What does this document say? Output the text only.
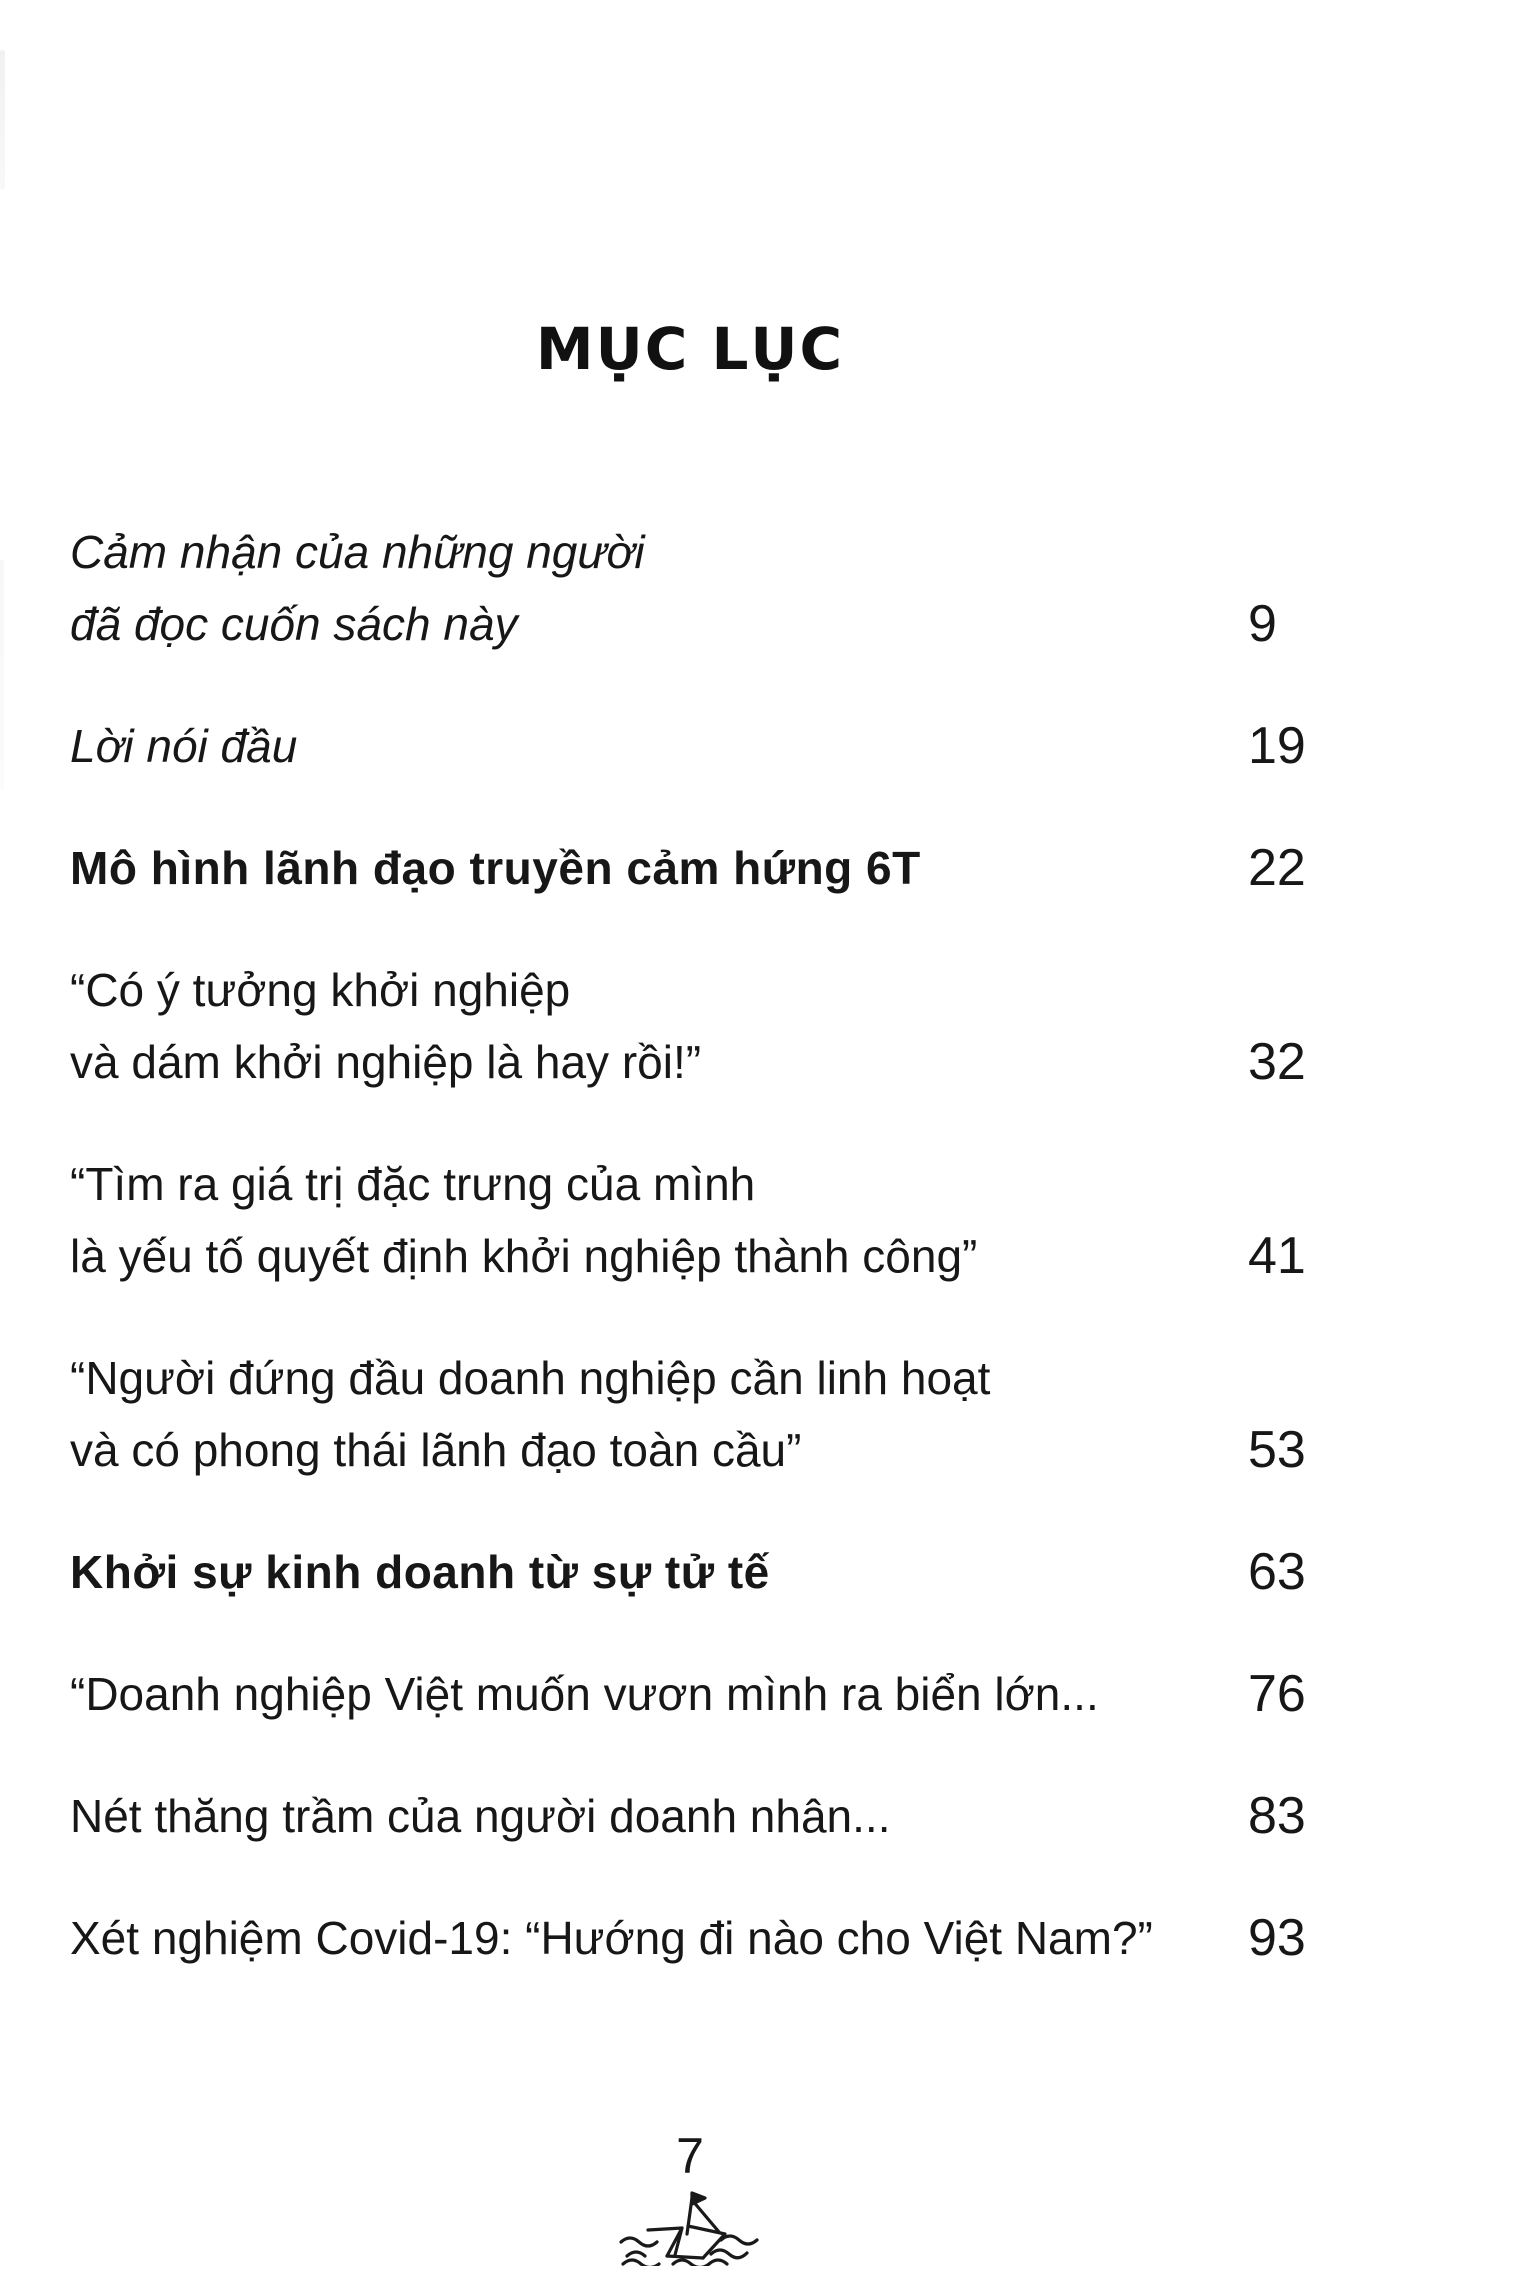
MỤC LỤC
Cảm nhận của những người
đã đọc cuốn sách này	9
Lời nói đầu	19
Mô hình lãnh đạo truyền cảm hứng 6T	22
“Có ý tưởng khởi nghiệp
và dám khởi nghiệp là hay rồi!”	32
“Tìm ra giá trị đặc trưng của mình
là yếu tố quyết định khởi nghiệp thành công”	41
“Người đứng đầu doanh nghiệp cần linh hoạt
và có phong thái lãnh đạo toàn cầu”	53
Khởi sự kinh doanh từ sự tử tế	63
“Doanh nghiệp Việt muốn vươn mình ra biển lớn...	76
Nét thăng trầm của người doanh nhân...	83
Xét nghiệm Covid-19: “Hướng đi nào cho Việt Nam?”	93
7
